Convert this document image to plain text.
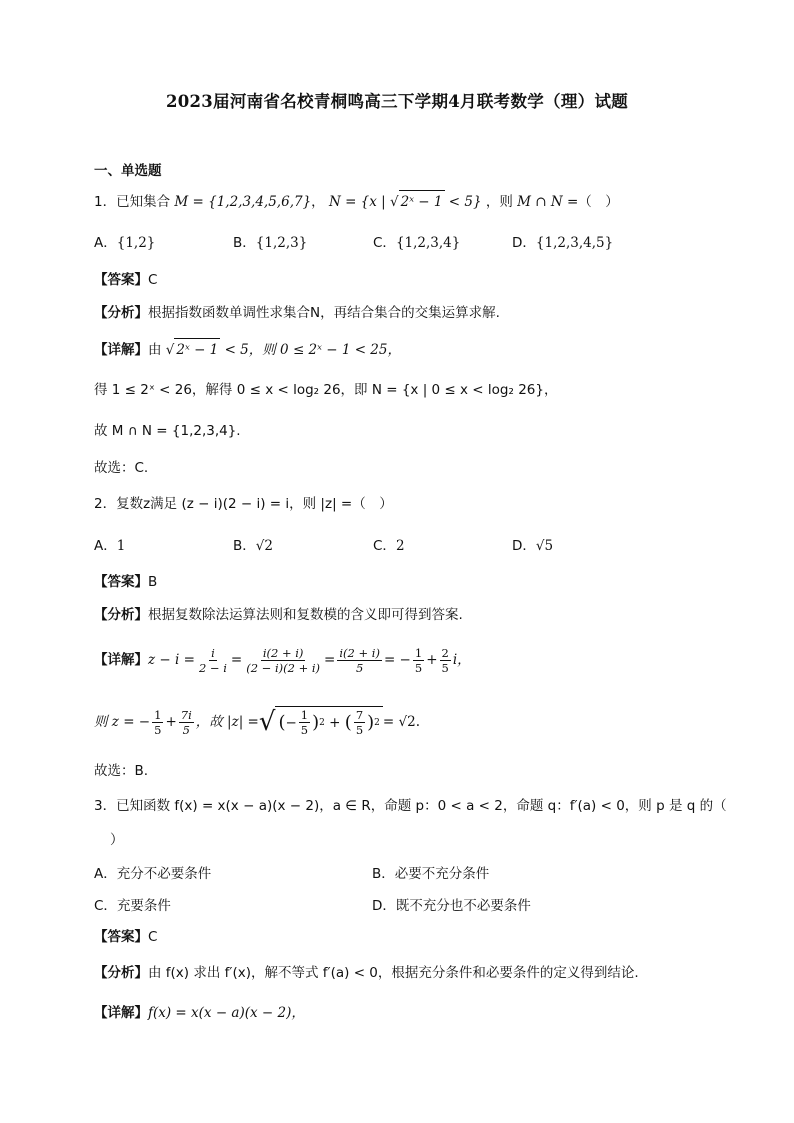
2023届河南省名校青桐鸣高三下学期4月联考数学（理）试题
一、单选题
1．已知集合 M = {1,2,3,4,5,6,7}， N = {x | √ 2ˣ − 1 < 5} ，则 M ∩ N =（　）
A．{1,2}	B．{1,2,3}	C．{1,2,3,4}	D．{1,2,3,4,5}
【答案】C
【分析】根据指数函数单调性求集合N，再结合集合的交集运算求解.
【详解】由 √ 2ˣ − 1 < 5，则 0 ≤ 2ˣ − 1 < 25，
得 1 ≤ 2ˣ < 26，解得 0 ≤ x < log₂ 26，即 N = {x | 0 ≤ x < log₂ 26}，
故 M ∩ N = {1,2,3,4}.
故选：C.
2．复数z满足 (z − i)(2 − i) = i，则 |z| =（　）
A．1	B．√2	C．2	D．√5
【答案】B
【分析】根据复数除法运算法则和复数模的含义即可得到答案.
【详解】 $z - i = \frac{i}{2 - i} = \frac{i(2 + i)}{(2 - i)(2 + i)} = \frac{i(2 + i)}{5}$ = − $\frac{1}{5} + \frac{2}{5}$ i，
则 z = − $\frac{1}{5} + \frac{7i}{5}$ ，故 |z| = √ ( − $\frac{1}{5}$ ) 2 + ( $\frac{7}{5}$ ) 2 = √2.
故选：B.
3．已知函数 f(x) = x(x − a)(x − 2)，a ∈ R，命题 p：0 < a < 2，命题 q：f′(a) < 0，则 p 是 q 的（
）
A．充分不必要条件	B．必要不充分条件
C．充要条件	D．既不充分也不必要条件
【答案】C
【分析】由 f(x) 求出 f′(x)，解不等式 f′(a) < 0，根据充分条件和必要条件的定义得到结论.
【详解】f(x) = x(x − a)(x − 2)，
